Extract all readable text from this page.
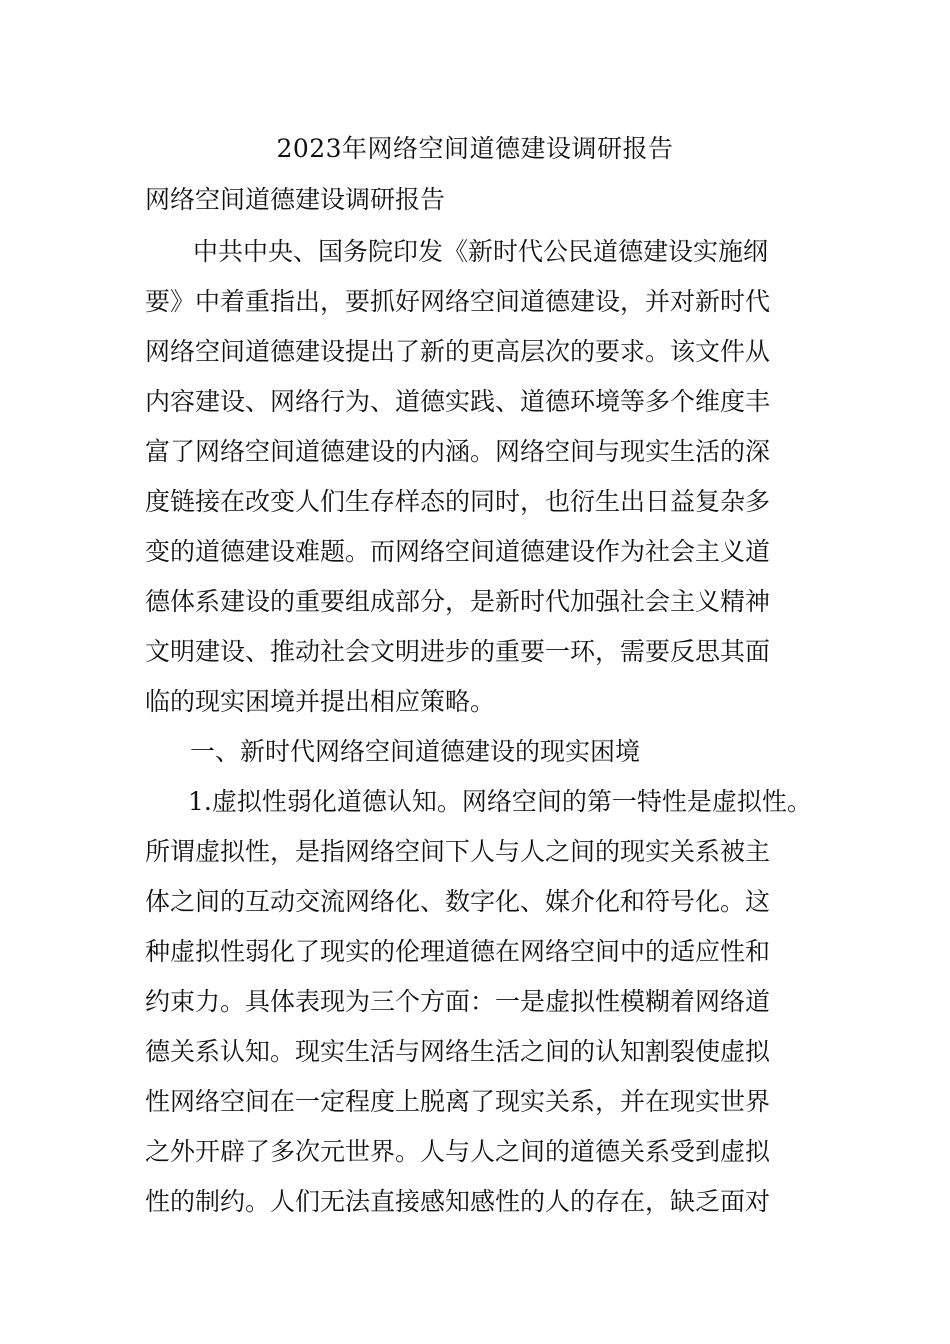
2023年网络空间道德建设调研报告
网络空间道德建设调研报告
中共中央、国务院印发《新时代公民道德建设实施纲
要》中着重指出，要抓好网络空间道德建设，并对新时代
网络空间道德建设提出了新的更高层次的要求。该文件从
内容建设、网络行为、道德实践、道德环境等多个维度丰
富了网络空间道德建设的内涵。网络空间与现实生活的深
度链接在改变人们生存样态的同时，也衍生出日益复杂多
变的道德建设难题。而网络空间道德建设作为社会主义道
德体系建设的重要组成部分，是新时代加强社会主义精神
文明建设、推动社会文明进步的重要一环，需要反思其面
临的现实困境并提出相应策略。
一、新时代网络空间道德建设的现实困境
1.虚拟性弱化道德认知。网络空间的第一特性是虚拟性。
所谓虚拟性，是指网络空间下人与人之间的现实关系被主
体之间的互动交流网络化、数字化、媒介化和符号化。这
种虚拟性弱化了现实的伦理道德在网络空间中的适应性和
约束力。具体表现为三个方面：一是虚拟性模糊着网络道
德关系认知。现实生活与网络生活之间的认知割裂使虚拟
性网络空间在一定程度上脱离了现实关系，并在现实世界
之外开辟了多次元世界。人与人之间的道德关系受到虚拟
性的制约。人们无法直接感知感性的人的存在，缺乏面对
